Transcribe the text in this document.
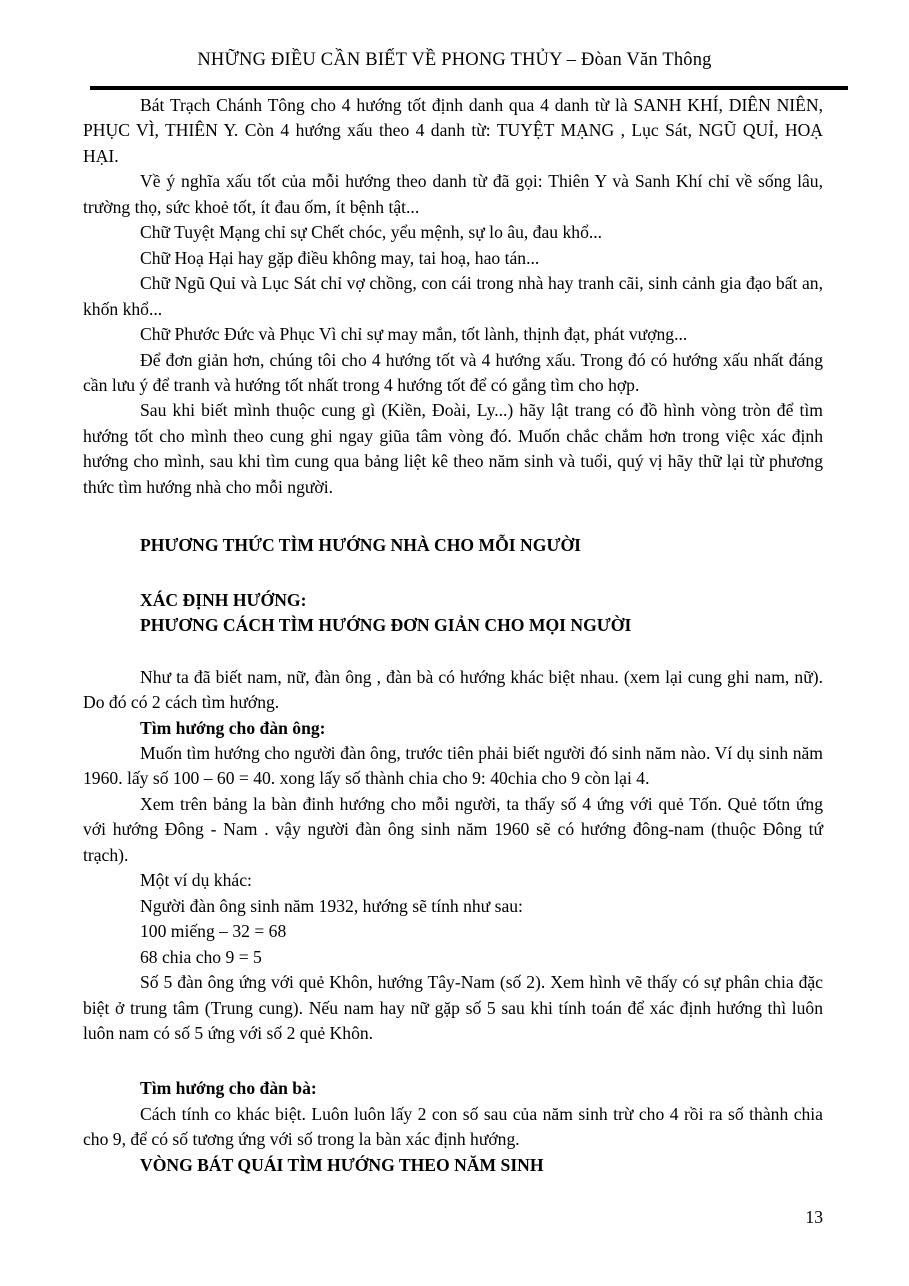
NHỮNG ĐIỀU CẦN BIẾT VỀ PHONG THỦY – Đòan Văn Thông

Bát Trạch Chánh Tông cho 4 hướng tốt định danh qua 4 danh từ là SANH KHÍ, DIÊN NIÊN, PHỤC VÌ, THIÊN Y. Còn 4 hướng xấu theo 4 danh từ: TUYỆT MẠNG , Lục Sát, NGŨ QUỈ, HOẠ HẠI.

Về ý nghĩa xấu tốt của mỗi hướng theo danh từ đã gọi: Thiên Y và Sanh Khí chỉ về sống lâu, trường thọ, sức khoẻ tốt, ít đau ốm, ít bệnh tật...

Chữ Tuyệt Mạng chỉ sự Chết chóc, yểu mệnh, sự lo âu, đau khổ...

Chữ Hoạ Hại hay gặp điều không may, tai hoạ, hao tán...

Chữ Ngũ Quỉ và Lục Sát chỉ vợ chồng, con cái trong nhà hay tranh cãi, sinh cảnh gia đạo bất an, khốn khổ...

Chữ Phước Đức và Phục Vì chỉ sự may mắn, tốt lành, thịnh đạt, phát vượng...

Để đơn giản hơn, chúng tôi cho 4 hướng tốt và 4 hướng xấu. Trong đó có hướng xấu nhất đáng cần lưu ý để tranh và hướng tốt nhất trong 4 hướng tốt để có gắng tìm cho hợp.

Sau khi biết mình thuộc cung gì (Kiền, Đoài, Ly...) hãy lật trang có đồ hình vòng tròn để tìm hướng tốt cho mình theo cung ghi ngay giũa tâm vòng đó. Muốn chắc chắm hơn trong việc xác định hướng cho mình, sau khi tìm cung qua bảng liệt kê theo năm sinh và tuổi, quý vị hãy thữ lại từ phương thức tìm hướng nhà cho mỗi người.

PHƯƠNG THỨC TÌM HƯỚNG NHÀ CHO MỖI NGƯỜI

XÁC ĐỊNH HƯỚNG:

PHƯƠNG CÁCH TÌM HƯỚNG ĐƠN GIẢN CHO MỌI NGƯỜI

Như ta đã biết nam, nữ, đàn ông , đàn bà có hướng khác biệt nhau. (xem lại cung ghi nam, nữ). Do đó có 2 cách tìm hướng.

Tìm hướng cho đàn ông:

Muốn tìm hướng cho người đàn ông, trước tiên phải biết người đó sinh năm nào. Ví dụ sinh năm 1960. lấy số 100 – 60 = 40. xong lấy số thành chia cho 9: 40chia cho 9 còn lại 4.

Xem trên bảng la bàn đinh hướng cho mỗi người, ta thấy số 4 ứng với quẻ Tốn. Quẻ tốtn ứng với hướng Đông - Nam . vậy người đàn ông sinh năm 1960 sẽ có hướng đông-nam (thuộc Đông tứ trạch).

Một ví dụ khác:

Người đàn ông sinh năm 1932, hướng sẽ tính như sau:

100 miếng – 32 = 68

68 chia cho 9 = 5

Số 5 đàn ông ứng với quẻ Khôn, hướng Tây-Nam (số 2). Xem hình vẽ thấy có sự phân chia đặc biệt ở trung tâm (Trung cung). Nếu nam hay nữ gặp số 5 sau khi tính toán để xác định hướng thì luôn luôn nam có số 5 ứng với số 2 quẻ Khôn.

Tìm hướng cho đàn bà:

Cách tính co khác biệt. Luôn luôn lấy 2 con số sau của năm sinh trừ cho 4 rồi ra số thành chia cho 9, để có số tương ứng với số trong la bàn xác định hướng.

VÒNG BÁT QUÁI TÌM HƯỚNG THEO NĂM SINH

13
